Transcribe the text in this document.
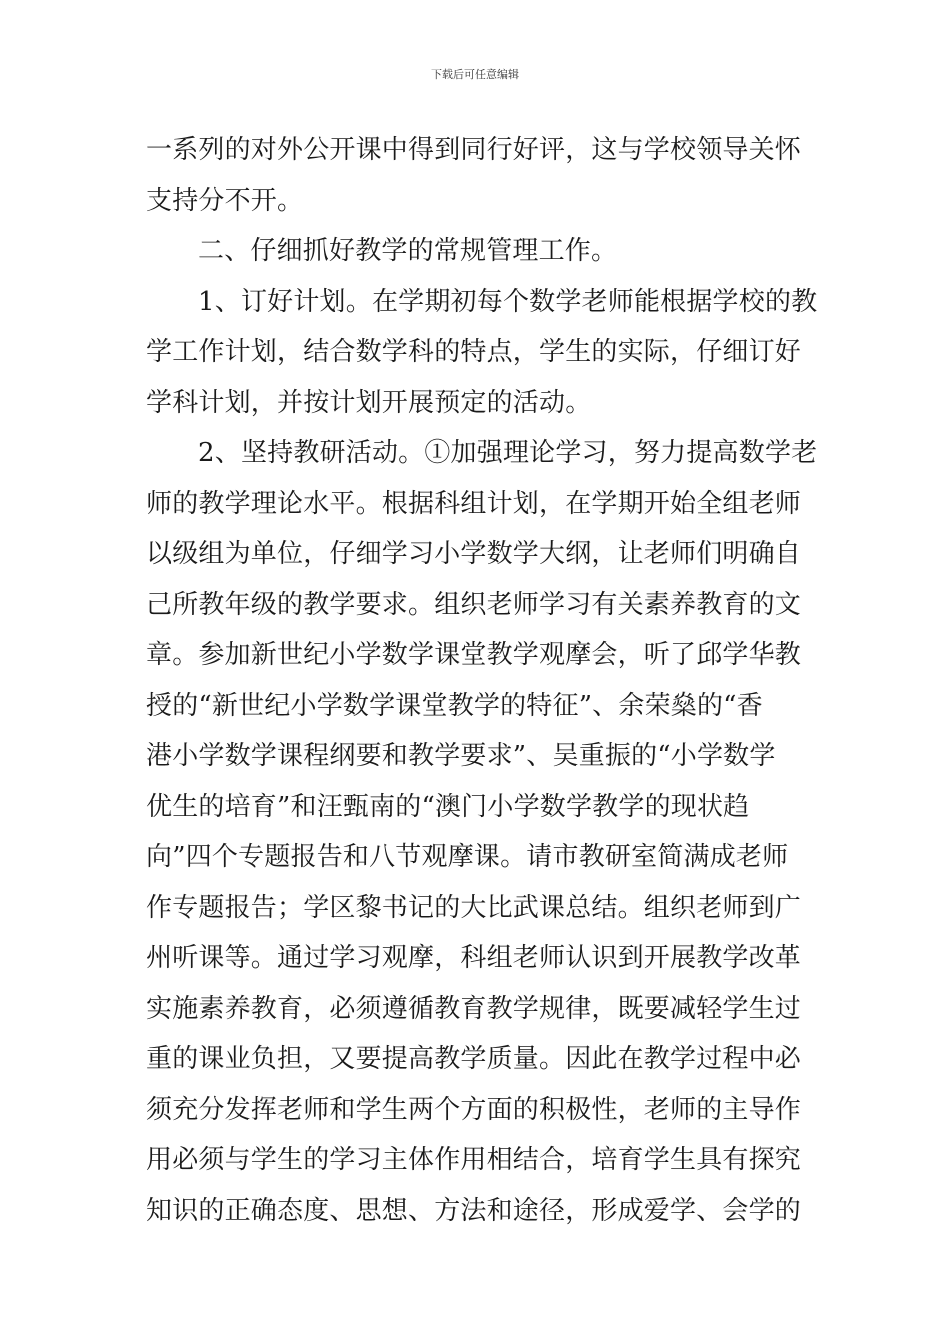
下载后可任意编辑
一系列的对外公开课中得到同行好评，这与学校领导关怀
支持分不开。
二、仔细抓好教学的常规管理工作。
1、订好计划。在学期初每个数学老师能根据学校的教
学工作计划，结合数学科的特点，学生的实际，仔细订好
学科计划，并按计划开展预定的活动。
2、坚持教研活动。①加强理论学习，努力提高数学老
师的教学理论水平。根据科组计划，在学期开始全组老师
以级组为单位，仔细学习小学数学大纲，让老师们明确自
己所教年级的教学要求。组织老师学习有关素养教育的文
章。参加新世纪小学数学课堂教学观摩会，听了邱学华教
授的“新世纪小学数学课堂教学的特征”、余荣燊的“香
港小学数学课程纲要和教学要求”、吴重振的“小学数学
优生的培育”和汪甄南的“澳门小学数学教学的现状趋
向”四个专题报告和八节观摩课。请市教研室简满成老师
作专题报告；学区黎书记的大比武课总结。组织老师到广
州听课等。通过学习观摩，科组老师认识到开展教学改革
实施素养教育，必须遵循教育教学规律，既要减轻学生过
重的课业负担，又要提高教学质量。因此在教学过程中必
须充分发挥老师和学生两个方面的积极性，老师的主导作
用必须与学生的学习主体作用相结合，培育学生具有探究
知识的正确态度、思想、方法和途径，形成爱学、会学的
